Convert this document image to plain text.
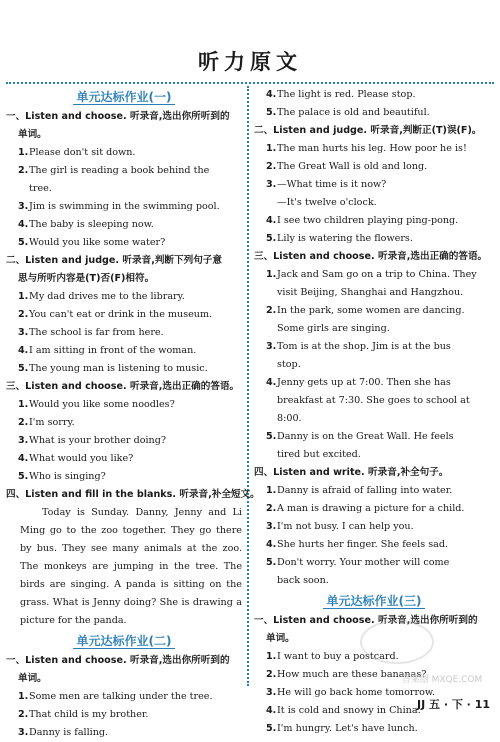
听力原文
单元达标作业(一)
一、Listen and choose. 听录音,选出你所听到的
单词。
1. Please don't sit down.
2. The girl is reading a book behind the
tree.
3. Jim is swimming in the swimming pool.
4. The baby is sleeping now.
5. Would you like some water?
二、Listen and judge. 听录音,判断下列句子意
思与所听内容是(T)否(F)相符。
1. My dad drives me to the library.
2. You can't eat or drink in the museum.
3. The school is far from here.
4. I am sitting in front of the woman.
5. The young man is listening to music.
三、Listen and choose. 听录音,选出正确的答语。
1. Would you like some noodles?
2. I'm sorry.
3. What is your brother doing?
4. What would you like?
5. Who is singing?
四、Listen and fill in the blanks. 听录音,补全短文。
Today is Sunday. Danny, Jenny and Li Ming go to the zoo together. They go there by bus. They see many animals at the zoo. The monkeys are jumping in the tree. The birds are singing. A panda is sitting on the grass. What is Jenny doing? She is drawing a picture for the panda.
单元达标作业(二)
一、Listen and choose. 听录音,选出你所听到的
单词。
1. Some men are talking under the tree.
2. That child is my brother.
3. Danny is falling.
4. The light is red. Please stop.
5. The palace is old and beautiful.
二、Listen and judge. 听录音,判断正(T)误(F)。
1. The man hurts his leg. How poor he is!
2. The Great Wall is old and long.
3. —What time is it now?
—It's twelve o'clock.
4. I see two children playing ping-pong.
5. Lily is watering the flowers.
三、Listen and choose. 听录音,选出正确的答语。
1. Jack and Sam go on a trip to China. They
visit Beijing, Shanghai and Hangzhou.
2. In the park, some women are dancing.
Some girls are singing.
3. Tom is at the shop. Jim is at the bus
stop.
4. Jenny gets up at 7:00. Then she has
breakfast at 7:30. She goes to school at
8:00.
5. Danny is on the Great Wall. He feels
tired but excited.
四、Listen and write. 听录音,补全句子。
1. Danny is afraid of falling into water.
2. A man is drawing a picture for a child.
3. I'm not busy. I can help you.
4. She hurts her finger. She feels sad.
5. Don't worry. Your mother will come
back soon.
单元达标作业(三)
一、Listen and choose. 听录音,选出你所听到的
单词。
1. I want to buy a postcard.
2. How much are these bananas?
3. He will go back home tomorrow.
4. It is cold and snowy in China.
5. I'm hungry. Let's have lunch.
答案圈 MXQE.COM
JJ 五 · 下 · 11
